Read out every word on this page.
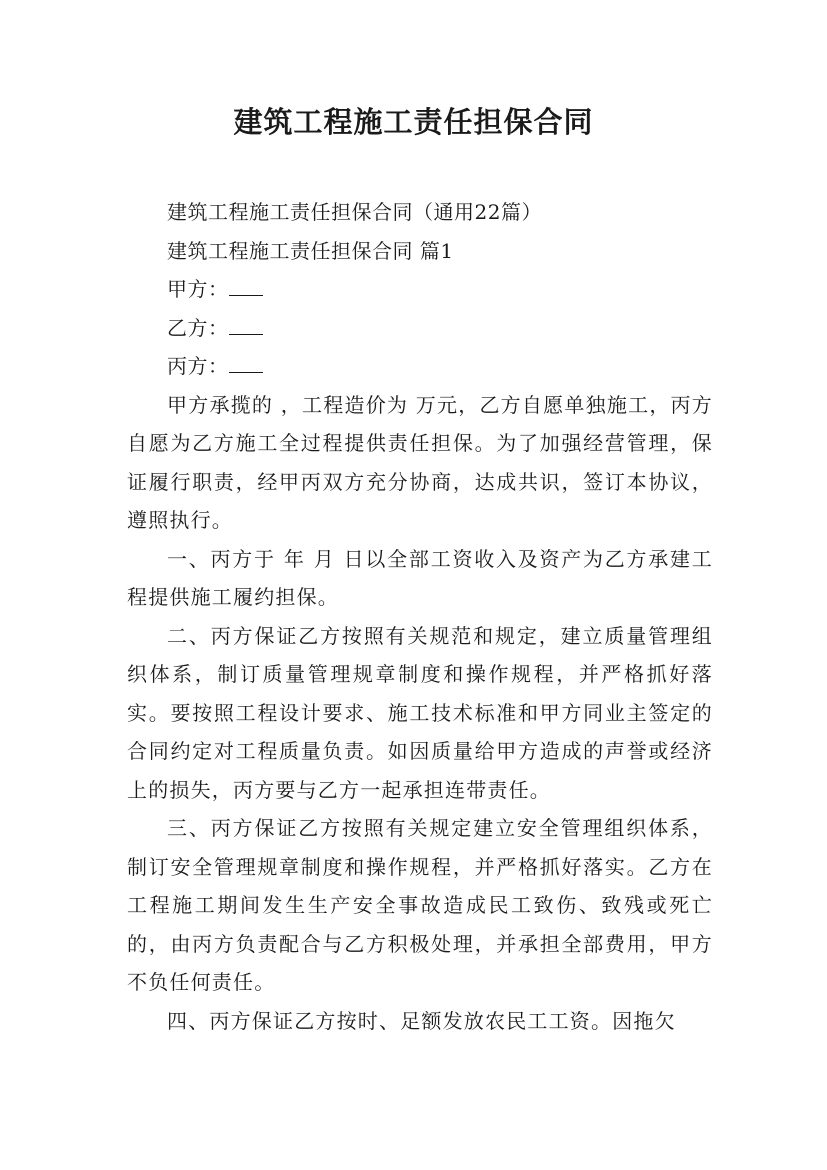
建筑工程施工责任担保合同
建筑工程施工责任担保合同（通用22篇）
建筑工程施工责任担保合同 篇1
甲方：
乙方：
丙方：
甲方承揽的 ，工程造价为 万元，乙方自愿单独施工，丙方自愿为乙方施工全过程提供责任担保。为了加强经营管理，保证履行职责，经甲丙双方充分协商，达成共识，签订本协议，遵照执行。
一、丙方于 年 月 日以全部工资收入及资产为乙方承建工程提供施工履约担保。
二、丙方保证乙方按照有关规范和规定，建立质量管理组织体系，制订质量管理规章制度和操作规程，并严格抓好落实。要按照工程设计要求、施工技术标准和甲方同业主签定的合同约定对工程质量负责。如因质量给甲方造成的声誉或经济上的损失，丙方要与乙方一起承担连带责任。
三、丙方保证乙方按照有关规定建立安全管理组织体系，制订安全管理规章制度和操作规程，并严格抓好落实。乙方在工程施工期间发生生产安全事故造成民工致伤、致残或死亡的，由丙方负责配合与乙方积极处理，并承担全部费用，甲方不负任何责任。
四、丙方保证乙方按时、足额发放农民工工资。因拖欠
